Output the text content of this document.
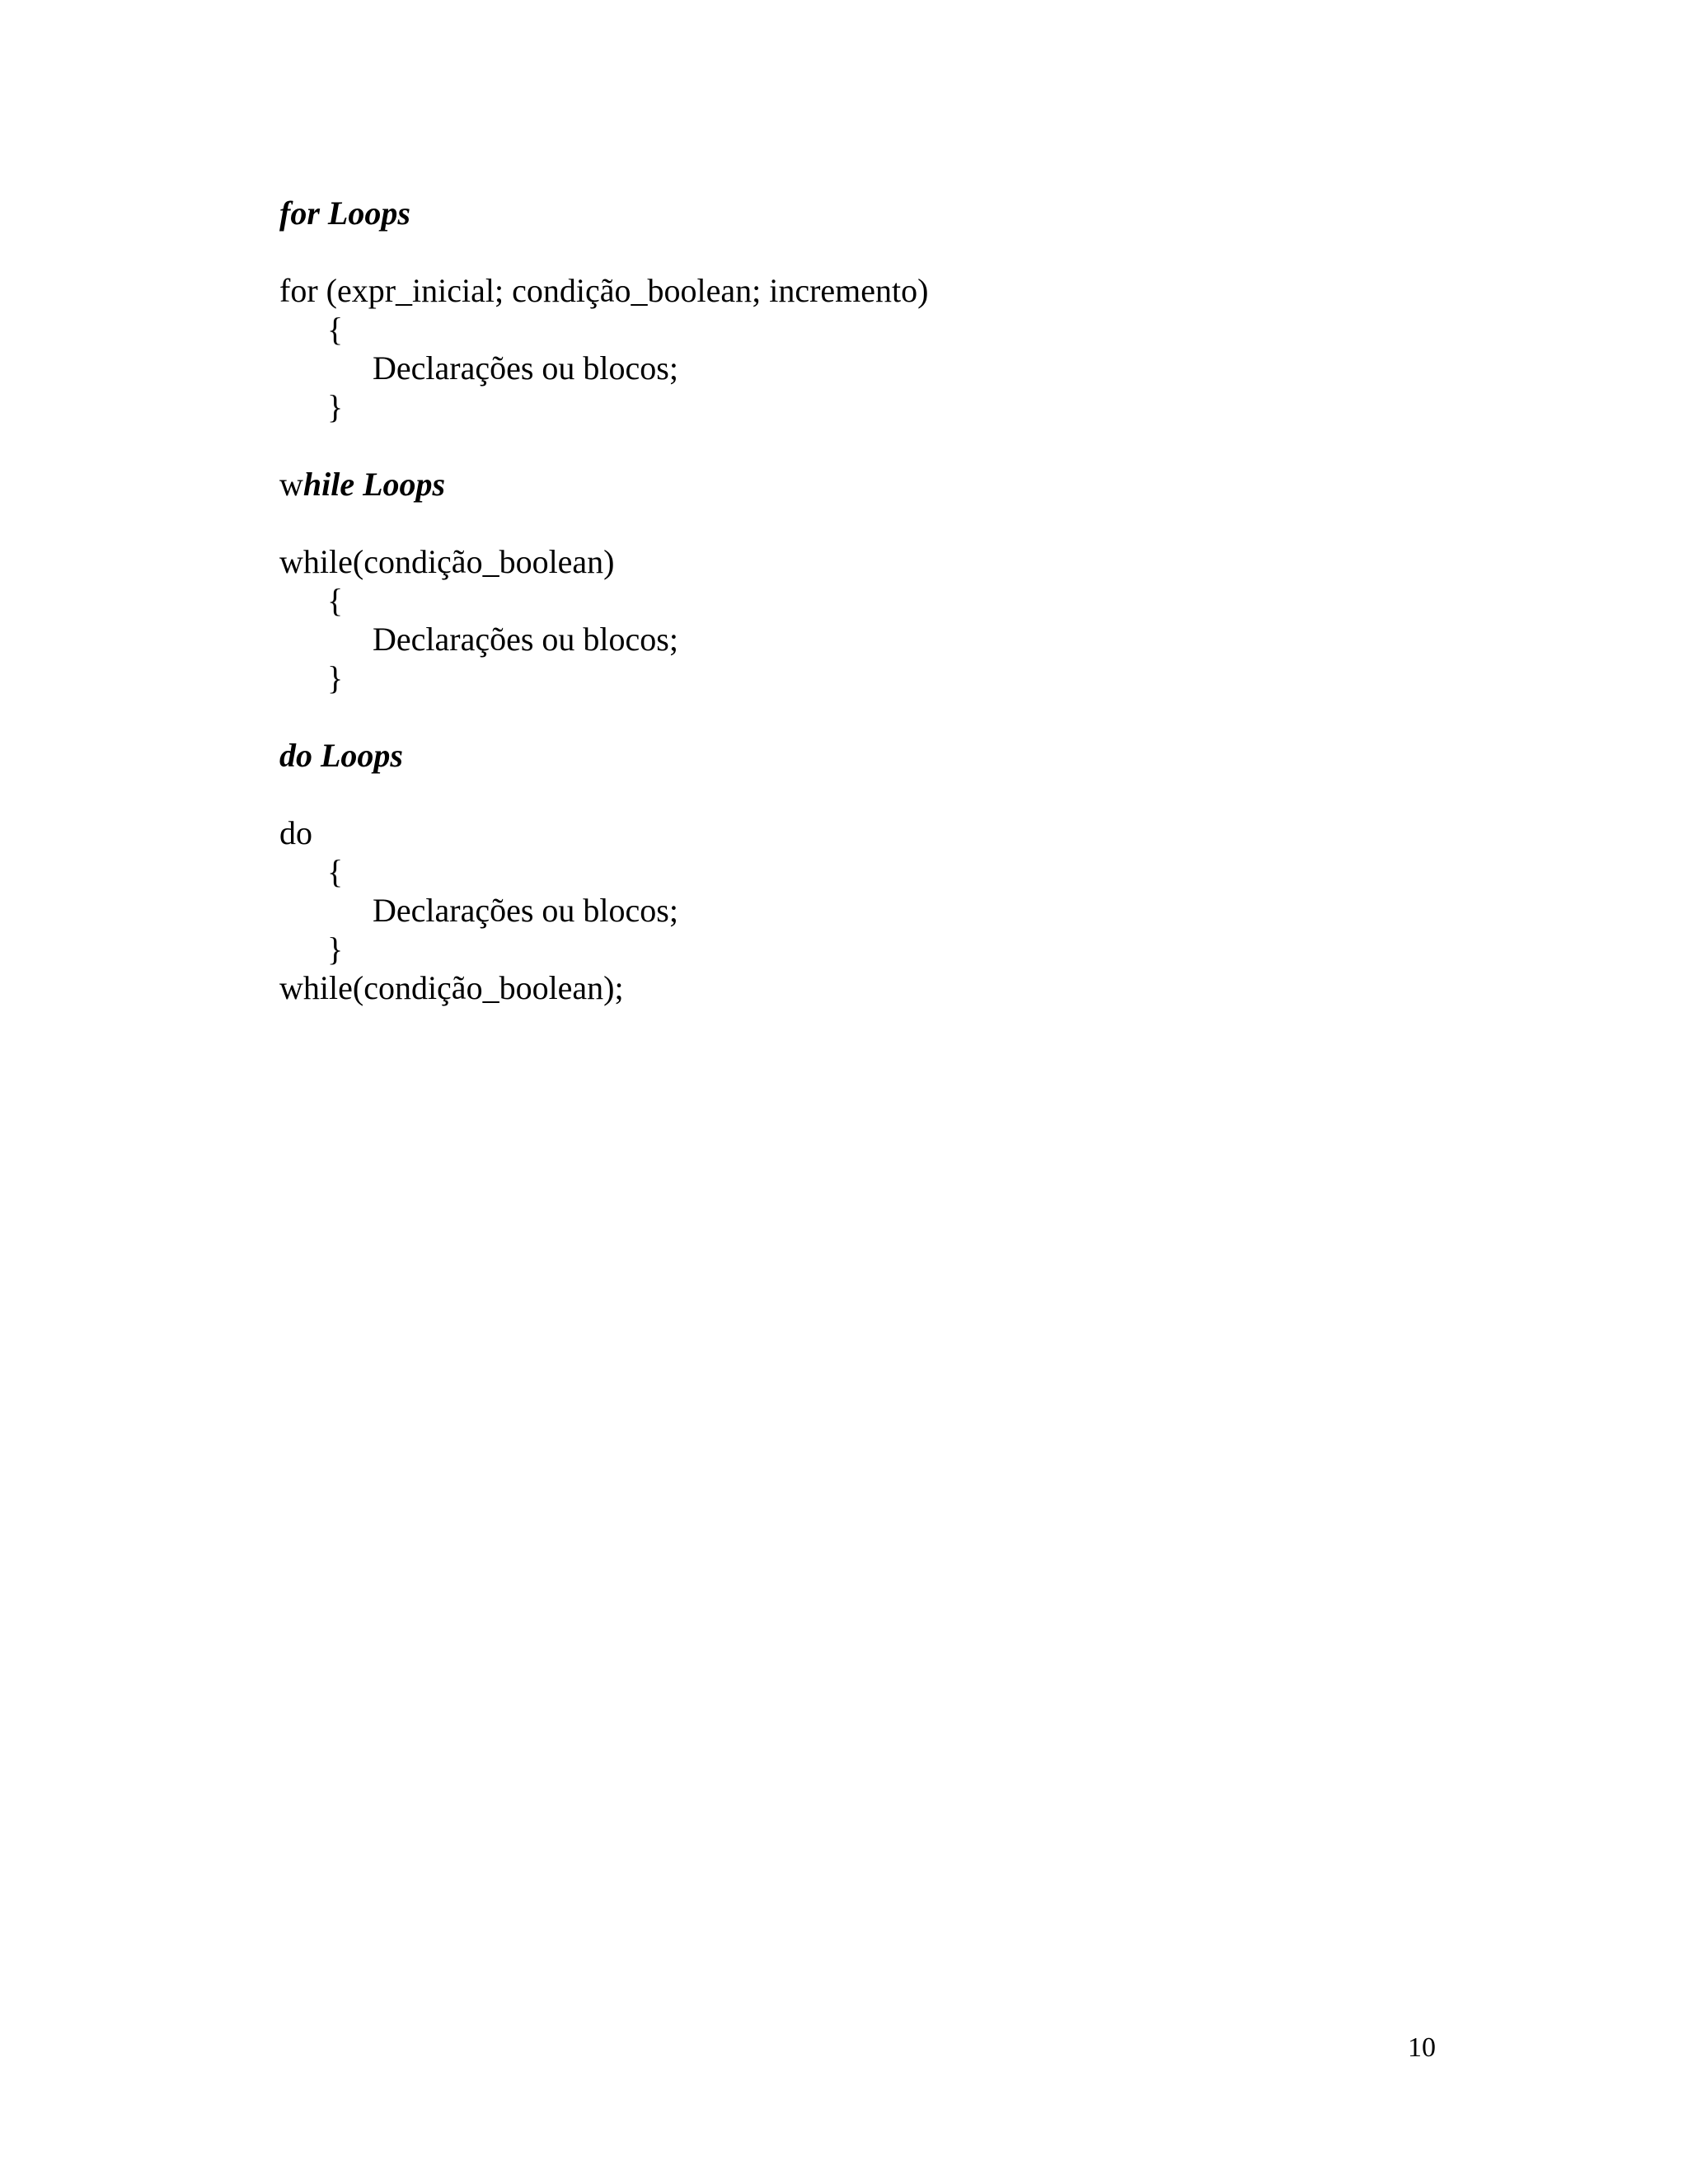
for Loops
for (expr_inicial; condição_boolean; incremento)
{
Declarações ou blocos;
}
while Loops
while(condição_boolean)
{
Declarações ou blocos;
}
do Loops
do
{
Declarações ou blocos;
}
while(condição_boolean);
10
